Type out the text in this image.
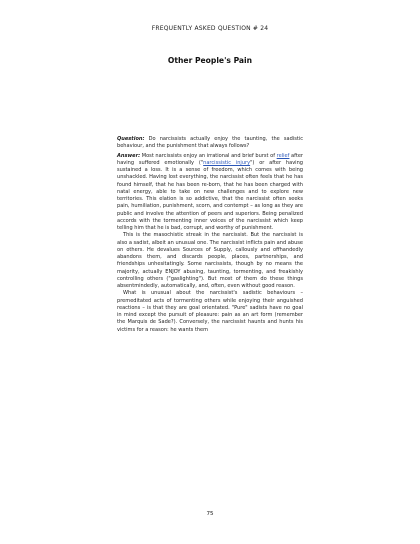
FREQUENTLY ASKED QUESTION # 24
Other People's Pain

Question: Do narcissists actually enjoy the taunting, the sadistic behaviour, and the punishment that always follows?

Answer: Most narcissists enjoy an irrational and brief burst of relief after having suffered emotionally ("narcissistic injury") or after having sustained a loss. It is a sense of freedom, which comes with being unshackled. Having lost everything, the narcissist often feels that he has found himself, that he has been re-born, that he has been charged with natal energy, able to take on new challenges and to explore new territories. This elation is so addictive, that the narcissist often seeks pain, humiliation, punishment, scorn, and contempt – as long as they are public and involve the attention of peers and superiors. Being penalized accords with the tormenting inner voices of the narcissist which keep telling him that he is bad, corrupt, and worthy of punishment.

This is the masochistic streak in the narcissist. But the narcissist is also a sadist, albeit an unusual one. The narcissist inflicts pain and abuse on others. He devalues Sources of Supply, callously and offhandedly abandons them, and discards people, places, partnerships, and friendships unhesitatingly. Some narcissists, though by no means the majority, actually ENJOY abusing, taunting, tormenting, and freakishly controlling others ("gaslighting"). But most of them do these things absentmindedly, automatically, and, often, even without good reason.

What is unusual about the narcissist's sadistic behaviours – premeditated acts of tormenting others while enjoying their anguished reactions – is that they are goal orientated. "Pure" sadists have no goal in mind except the pursuit of pleasure: pain as an art form (remember the Marquis de Sade?). Conversely, the narcissist haunts and hunts his victims for a reason: he wants them

75
